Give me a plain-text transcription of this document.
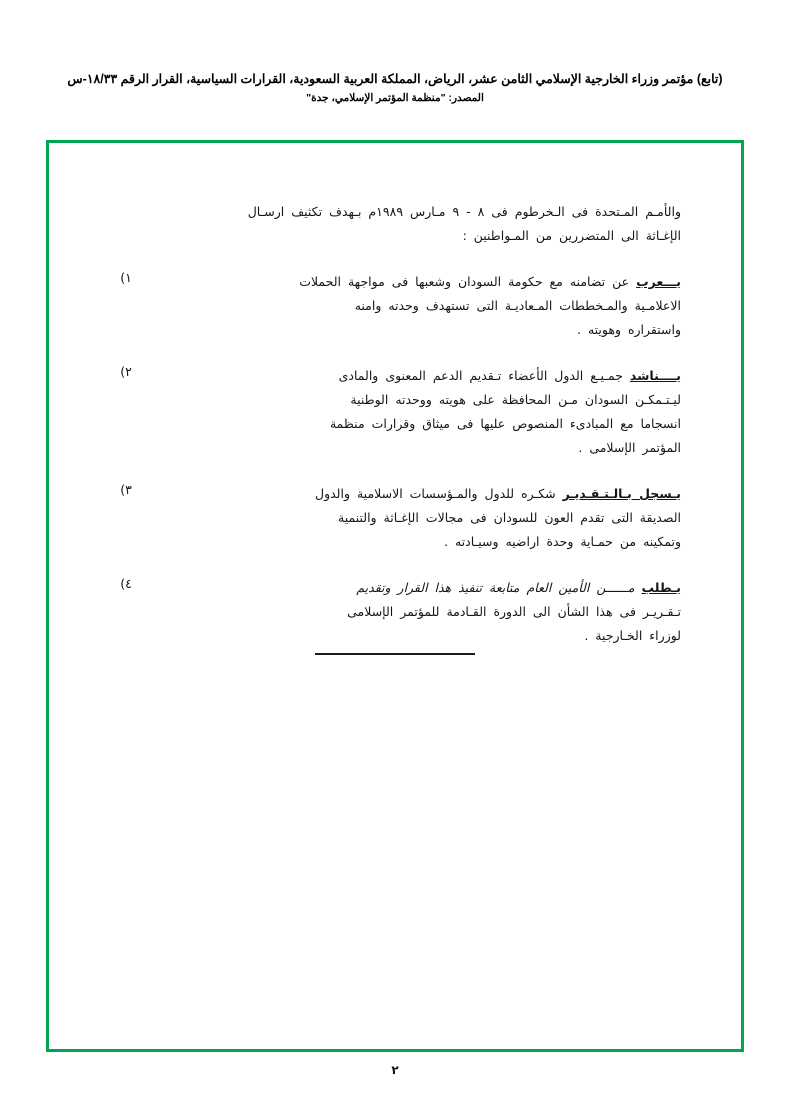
(تابع) مؤتمر وزراء الخارجية الإسلامي الثامن عشر، الرياض، المملكة العربية السعودية، القرارات السياسية، القرار الرقم ١٨/٣٣-س
المصدر: "منظمة المؤتمر الإسلامي، جدة"
والأمـم المـتحدة فى الـخرطوم فى ٨ - ٩ مـارس ١٩٨٩م بـهدف تكثيف ارسـال
الإغـاثة الى المتضررين من المـواطنين :
١)	يـــعرب عن تضامنه مع حكومة السودان وشعبها فى مواجهة الحملات
الاعلامـية والمـخططات المـعاديـة التى تستهدف وحدته وامنه
واستقراره وهويته .
٢)	يــــناشد جمـيـع الدول الأعضاء تـقديم الدعم المعنوى والمادى
ليـتـمكـن السودان مـن المحافظة على هويته ووحدته الوطنية
انسجاما مع المبادىء المنصوص عليها فى ميثاق وقرارات منظمة
المؤتمر الإسلامى .
٣)	يـسجل بـالـتـقـديـر شكـره للدول والمـؤسسات الاسلامية والدول
الصديقة التى تقدم العون للسودان فى مجالات الإغـاثة والتنمية
وتمكينه من حمـاية وحدة اراضيه وسيـادته .
٤)	يـطلب مــــــن الأمين العام متابعة تنفيذ هذا القرار وتقديم
تـقـريـر فى هذا الشأن الى الدورة القـادمة للمؤتمر الإسلامى
لوزراء الخـارجية .
٢
